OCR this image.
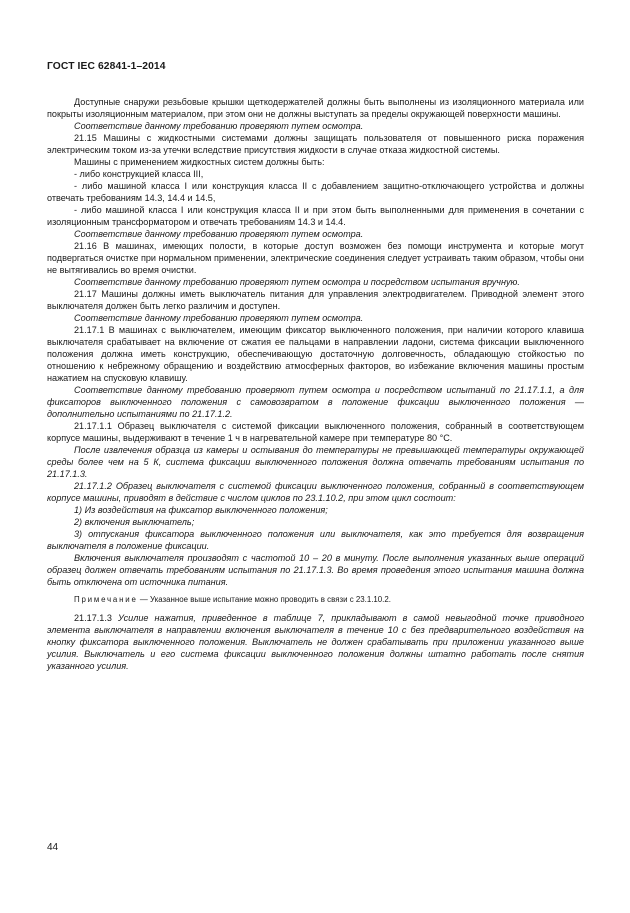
ГОСТ IEC 62841-1–2014

Доступные снаружи резьбовые крышки щеткодержателей должны быть выполнены из изоляционного материала или покрыты изоляционным материалом, при этом они не должны выступать за пределы окружающей поверхности машины.

Соответствие данному требованию проверяют путем осмотра.

21.15 Машины с жидкостными системами должны защищать пользователя от повышенного риска поражения электрическим током из-за утечки вследствие присутствия жидкости в случае отказа жидкостной системы.

Машины с применением жидкостных систем должны быть:

- либо конструкцией класса III,

- либо машиной класса I или конструкция класса II с добавлением защитно-отключающего устройства и должны отвечать требованиям 14.3, 14.4 и 14.5,

- либо машиной класса I или конструкция класса II и при этом быть выполненными для применения в сочетании с изоляционным трансформатором и отвечать требованиям 14.3 и 14.4.

Соответствие данному требованию проверяют путем осмотра.

21.16 В машинах, имеющих полости, в которые доступ возможен без помощи инструмента и которые могут подвергаться очистке при нормальном применении, электрические соединения следует устраивать таким образом, чтобы они не вытягивались во время очистки.

Соответствие данному требованию проверяют путем осмотра и посредством испытания вручную.

21.17 Машины должны иметь выключатель питания для управления электродвигателем. Приводной элемент этого выключателя должен быть легко различим и доступен.

Соответствие данному требованию проверяют путем осмотра.

21.17.1 В машинах с выключателем, имеющим фиксатор выключенного положения, при наличии которого клавиша выключателя срабатывает на включение от сжатия ее пальцами в направлении ладони, система фиксации выключенного положения должна иметь конструкцию, обеспечивающую достаточную долговечность, обладающую стойкостью по отношению к небрежному обращению и воздействию атмосферных факторов, во избежание включения машины простым нажатием на спусковую клавишу.

Соответствие данному требованию проверяют путем осмотра и посредством испытаний по 21.17.1.1, а для фиксаторов выключенного положения с самовозвратом в положение фиксации выключенного положения — дополнительно испытаниями по 21.17.1.2.

21.17.1.1 Образец выключателя с системой фиксации выключенного положения, собранный в соответствующем корпусе машины, выдерживают в течение 1 ч в нагревательной камере при температуре 80 °С.

После извлечения образца из камеры и остывания до температуры не превышающей температуры окружающей среды более чем на 5 К, система фиксации выключенного положения должна отвечать требованиям испытания по 21.17.1.3.

21.17.1.2 Образец выключателя с системой фиксации выключенного положения, собранный в соответствующем корпусе машины, приводят в действие с числом циклов по 23.1.10.2, при этом цикл состоит:

1) Из воздействия на фиксатор выключенного положения;

2) включения выключатель;

3) отпускания фиксатора выключенного положения или выключателя, как это требуется для возвращения выключателя в положение фиксации.

Включения выключателя производят с частотой 10 – 20 в минуту. После выполнения указанных выше операций образец должен отвечать требованиям испытания по 21.17.1.3. Во время проведения этого испытания машина должна быть отключена от источника питания.

Примечание — Указанное выше испытание можно проводить в связи с 23.1.10.2.

21.17.1.3 Усилие нажатия, приведенное в таблице 7, прикладывают в самой невыгодной точке приводного элемента выключателя в направлении включения выключателя в течение 10 с без предварительного воздействия на кнопку фиксатора выключенного положения. Выключатель не должен срабатывать при приложении указанного выше усилия. Выключатель и его система фиксации выключенного положения должны штатно работать после снятия указанного усилия.

44
